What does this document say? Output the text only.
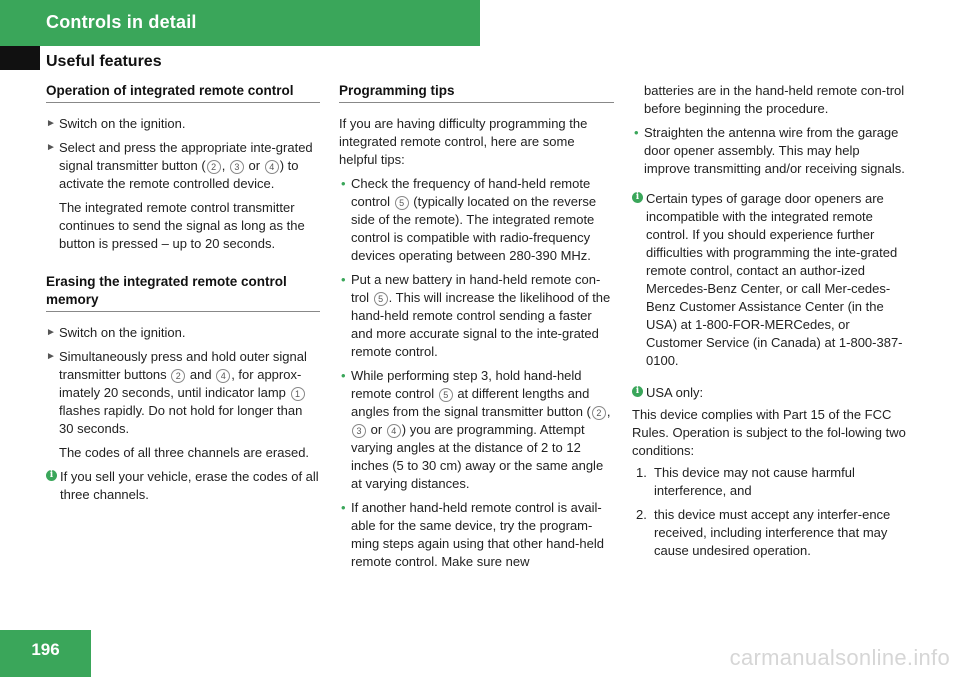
Controls in detail
Useful features
Operation of integrated remote control
► Switch on the ignition.
► Select and press the appropriate inte-grated signal transmitter button ( 2 , 3 or 4 ) to activate the remote controlled device.
The integrated remote control transmitter continues to send the signal as long as the button is pressed – up to 20 seconds.
Erasing the integrated remote control memory
► Switch on the ignition.
► Simultaneously press and hold outer signal transmitter buttons 2 and 4 , for approx-imately 20 seconds, until indicator lamp 1 flashes rapidly. Do not hold for longer than 30 seconds.
The codes of all three channels are erased.
i If you sell your vehicle, erase the codes of all three channels.
Programming tips

If you are having difficulty programming the integrated remote control, here are some helpful tips:

• Check the frequency of hand-held remote control 5 (typically located on the reverse side of the remote). The integrated remote control is compatible with radio-frequency devices operating between 280-390 MHz.
• Put a new battery in hand-held remote con-trol 5 . This will increase the likelihood of the hand-held remote control sending a faster and more accurate signal to the inte-grated remote control.
• While performing step 3, hold hand-held remote control 5 at different lengths and angles from the signal transmitter button ( 2 , 3 or 4 ) you are programming. Attempt varying angles at the distance of 2 to 12 inches (5 to 30 cm) away or the same angle at varying distances.
• If another hand-held remote control is avail-able for the same device, try the program-ming steps again using that other hand-held remote control. Make sure new

batteries are in the hand-held remote con-trol before beginning the procedure.

• Straighten the antenna wire from the garage door opener assembly. This may help improve transmitting and/or receiving signals.
i Certain types of garage door openers are incompatible with the integrated remote control. If you should experience further difficulties with programming the inte-grated remote control, contact an author-ized Mercedes-Benz Center, or call Mer-cedes-Benz Customer Assistance Center (in the USA) at 1-800-FOR-MERCedes, or Customer Service (in Canada) at 1-800-387-0100.
i USA only:

This device complies with Part 15 of the FCC Rules. Operation is subject to the fol-lowing two conditions:

1. This device may not cause harmful interference, and
2. this device must accept any interfer-ence received, including interference that may cause undesired operation.
196	carmanualsonline.info
